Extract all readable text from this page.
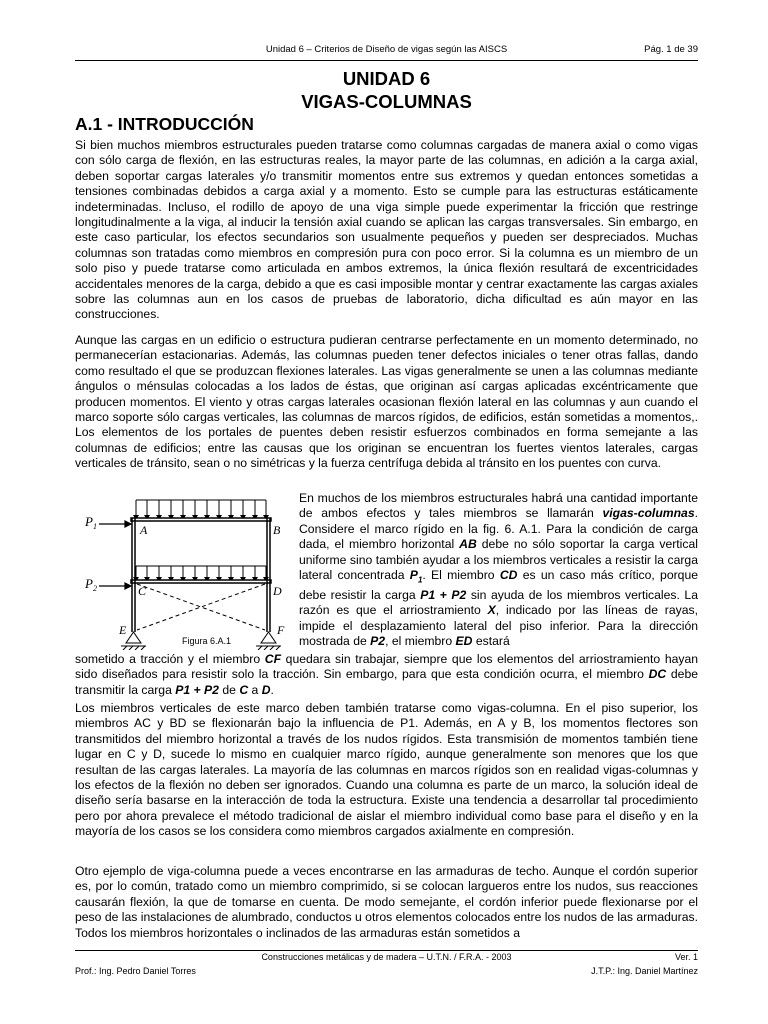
Unidad 6 – Criterios de Diseño de vigas según las AISCS	Pág. 1 de 39
UNIDAD 6
VIGAS-COLUMNAS
A.1 - INTRODUCCIÓN
Si bien muchos miembros estructurales pueden tratarse como columnas cargadas de manera axial o como vigas con sólo carga de flexión, en las estructuras reales, la mayor parte de las columnas, en adición a la carga axial, deben soportar cargas laterales y/o transmitir momentos entre sus extremos y quedan entonces sometidas a tensiones combinadas debidos a carga axial y a momento. Esto se cumple para las estructuras estáticamente indeterminadas. Incluso, el rodillo de apoyo de una viga simple puede experimentar la fricción que restringe longitudinalmente a la viga, al inducir la tensión axial cuando se aplican las cargas transversales. Sin embargo, en este caso particular, los efectos secundarios son usualmente pequeños y pueden ser despreciados. Muchas columnas son tratadas como miembros en compresión pura con poco error. Si la columna es un miembro de un solo piso y puede tratarse como articulada en ambos extremos, la única flexión resultará de excentricidades accidentales menores de la carga, debido a que es casi imposible montar y centrar exactamente las cargas axiales sobre las columnas aun en los casos de pruebas de laboratorio, dicha dificultad es aún mayor en las construcciones.
Aunque las cargas en un edificio o estructura pudieran centrarse perfectamente en un momento determinado, no permanecerían estacionarias. Además, las columnas pueden tener defectos iniciales o tener otras fallas, dando como resultado el que se produzcan flexiones laterales. Las vigas generalmente se unen a las columnas mediante ángulos o ménsulas colocadas a los lados de éstas, que originan así cargas aplicadas excéntricamente que producen momentos. El viento y otras cargas laterales ocasionan flexión lateral en las columnas y aun cuando el marco soporte sólo cargas verticales, las columnas de marcos rígidos, de edificios, están sometidas a momentos,. Los elementos de los portales de puentes deben resistir esfuerzos combinados en forma semejante a las columnas de edificios; entre las causas que los originan se encuentran los fuertes vientos laterales, cargas verticales de tránsito, sean o no simétricas y la fuerza centrífuga debida al tránsito en los puentes con curva.
$P_1$
$P_2$
A	B
C	D
E	F
Figura 6.A.1
En muchos de los miembros estructurales habrá una cantidad importante de ambos efectos y tales miembros se llamarán vigas-columnas. Considere el marco rígido en la fig. 6. A.1. Para la condición de carga dada, el miembro horizontal AB debe no sólo soportar la carga vertical uniforme sino también ayudar a los miembros verticales a resistir la carga lateral concentrada $P_1$. El miembro CD es un caso más crítico, porque debe resistir la carga P1 + P2 sin ayuda de los miembros verticales. La razón es que el arriostramiento X, indicado por las líneas de rayas, impide el desplazamiento lateral del piso inferior. Para la dirección mostrada de P2, el miembro ED estará
sometido a tracción y el miembro CF quedara sin trabajar, siempre que los elementos del arriostramiento hayan sido diseñados para resistir solo la tracción. Sin embargo, para que esta condición ocurra, el miembro DC debe transmitir la carga P1 + P2 de C a D.
Los miembros verticales de este marco deben también tratarse como vigas-columna. En el piso superior, los miembros AC y BD se flexionarán bajo la influencia de P1. Además, en A y B, los momentos flectores son transmitidos del miembro horizontal a través de los nudos rígidos. Esta transmisión de momentos también tiene lugar en C y D, sucede lo mismo en cualquier marco rígido, aunque generalmente son menores que los que resultan de las cargas laterales. La mayoría de las columnas en marcos rígidos son en realidad vigas-columnas y los efectos de la flexión no deben ser ignorados. Cuando una columna es parte de un marco, la solución ideal de diseño sería basarse en la interacción de toda la estructura. Existe una tendencia a desarrollar tal procedimiento pero por ahora prevalece el método tradicional de aislar el miembro individual como base para el diseño y en la mayoría de los casos se los considera como miembros cargados axialmente en compresión.
Otro ejemplo de viga-columna puede a veces encontrarse en las armaduras de techo. Aunque el cordón superior es, por lo común, tratado como un miembro comprimido, si se colocan largueros entre los nudos, sus reacciones causarán flexión, la que de tomarse en cuenta. De modo semejante, el cordón inferior puede flexionarse por el peso de las instalaciones de alumbrado, conductos u otros elementos colocados entre los nudos de las armaduras. Todos los miembros horizontales o inclinados de las armaduras están sometidos a
Construcciones metálicas y de madera – U.T.N. / F.R.A. - 2003	Ver. 1
Prof.: Ing. Pedro Daniel Torres	J.T.P.: Ing. Daniel Martínez
